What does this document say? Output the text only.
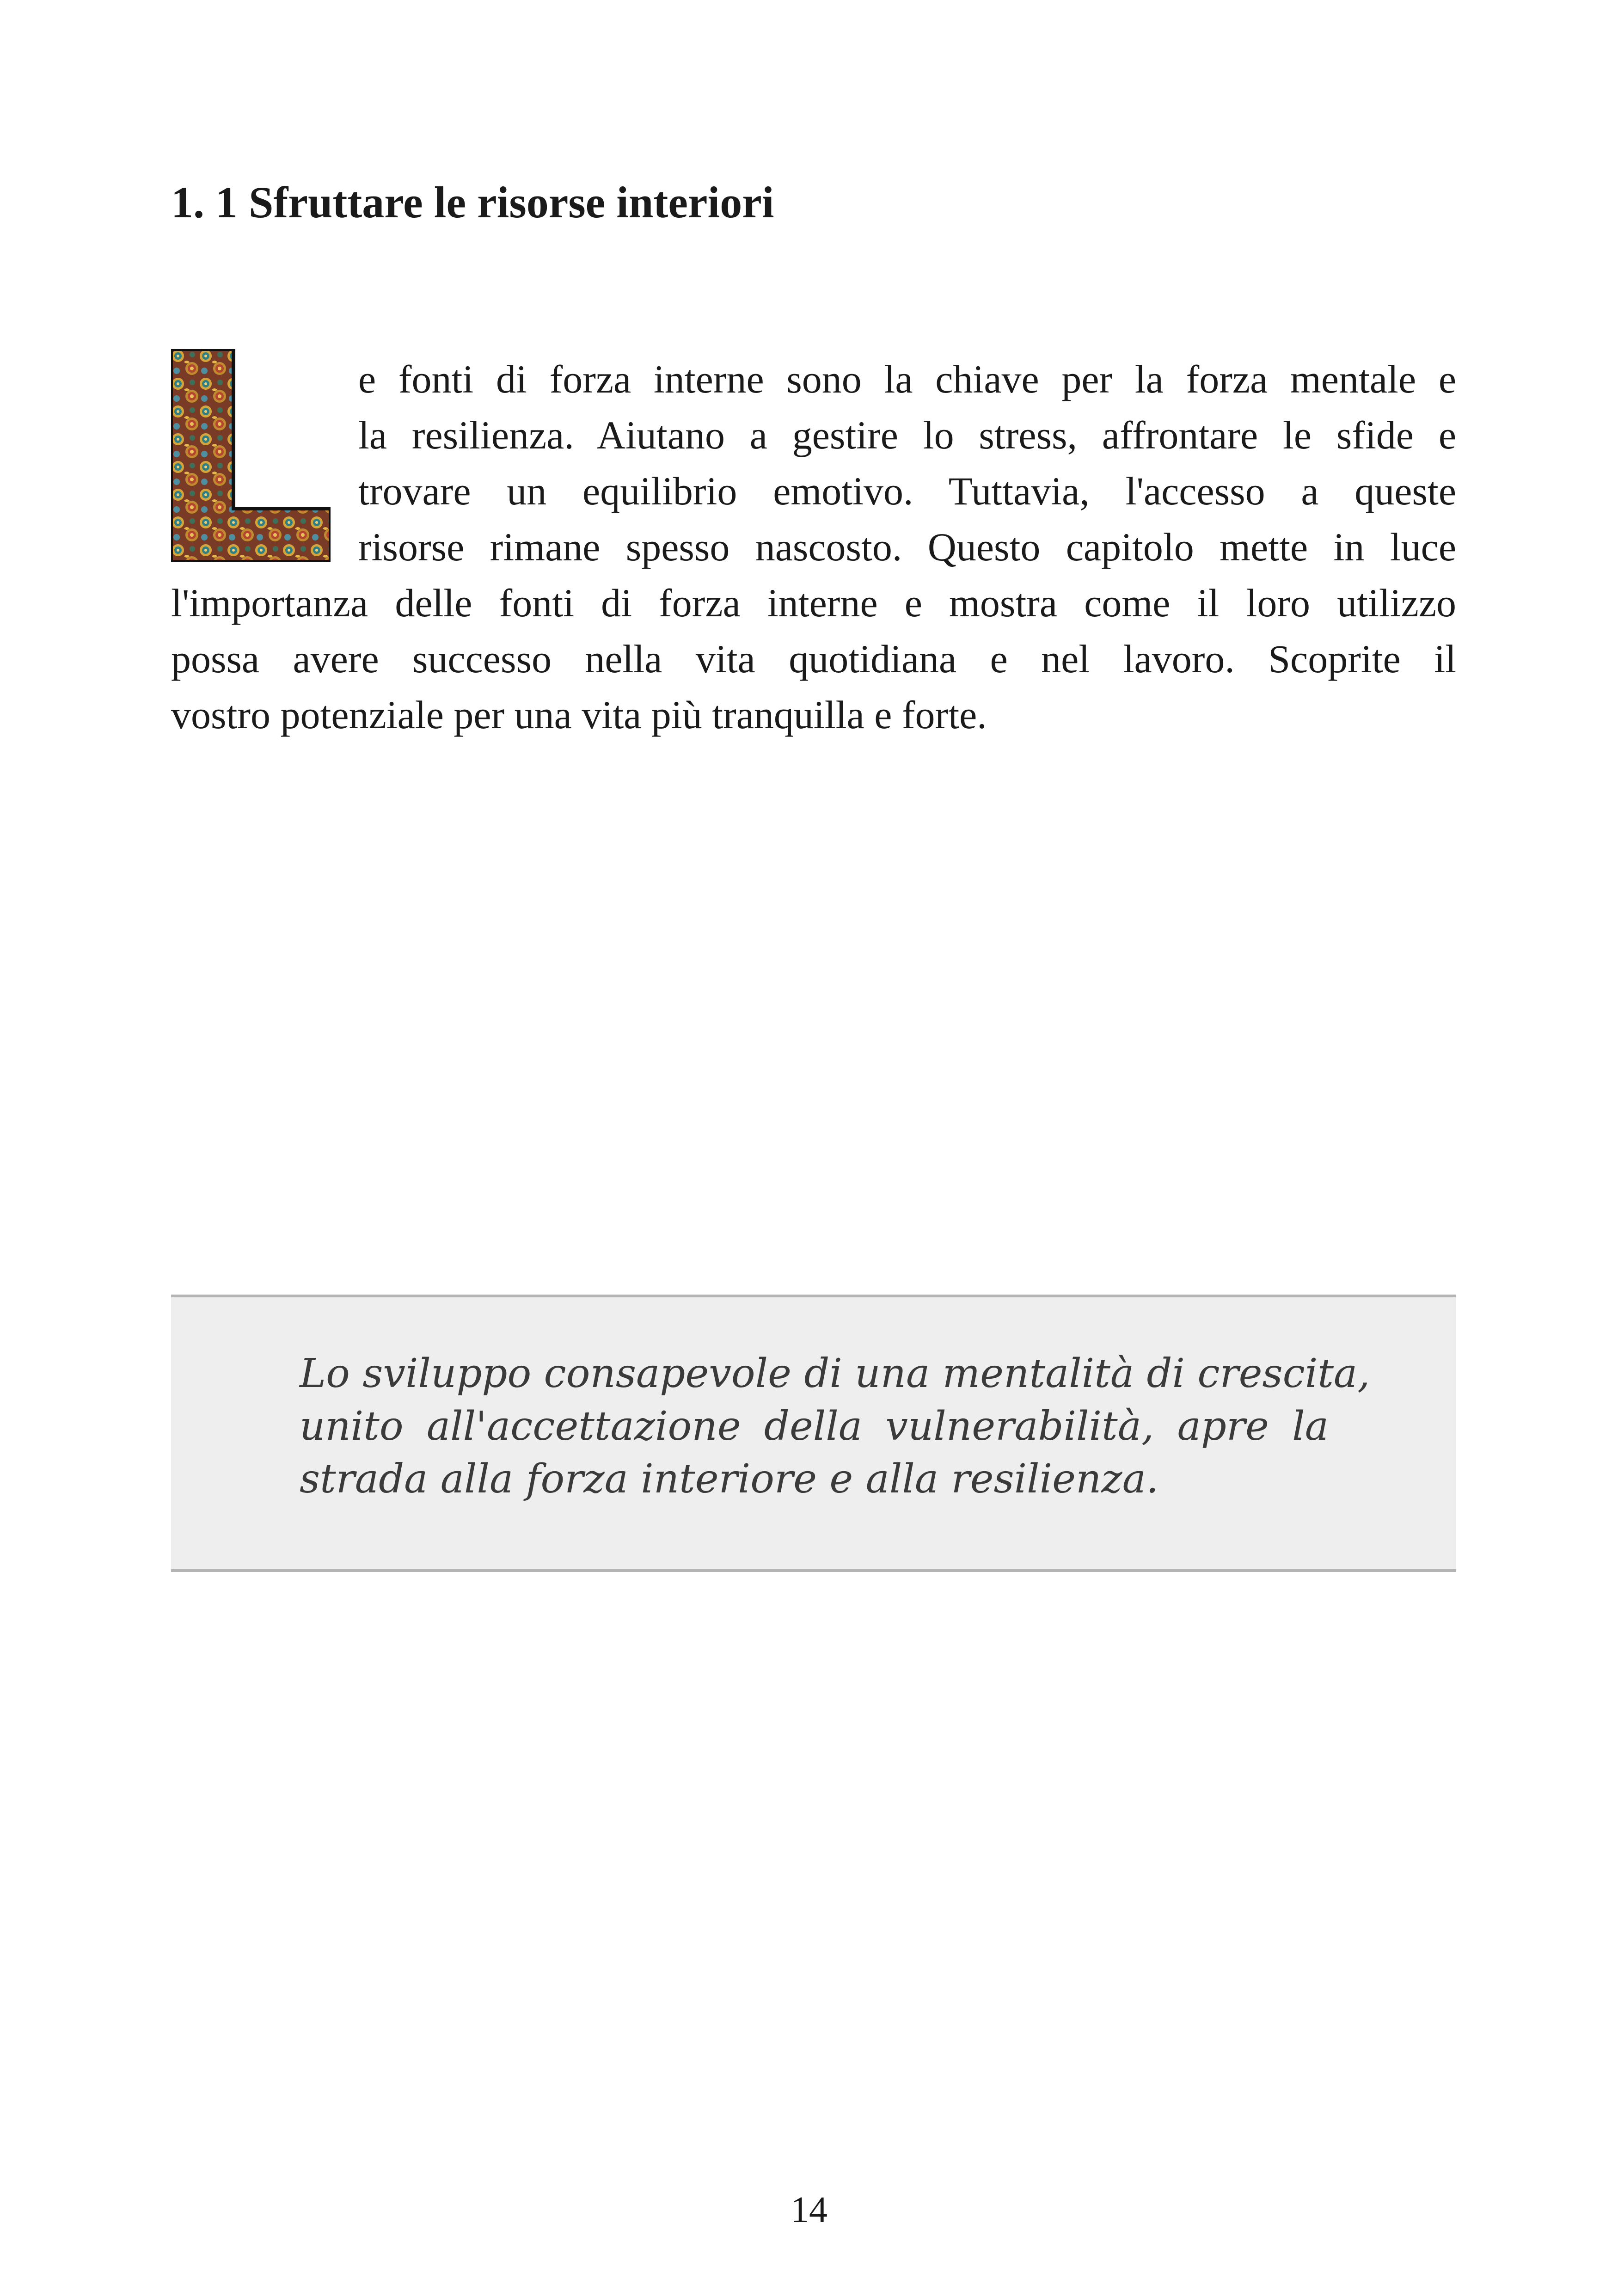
1. 1 Sfruttare le risorse interiori
e fonti di forza interne sono la chiave per la forza mentale e
la resilienza. Aiutano a gestire lo stress, affrontare le sfide e
trovare un equilibrio emotivo. Tuttavia, l'accesso a queste
risorse rimane spesso nascosto. Questo capitolo mette in luce
l'importanza delle fonti di forza interne e mostra come il loro utilizzo
possa avere successo nella vita quotidiana e nel lavoro. Scoprite il
vostro potenziale per una vita più tranquilla e forte.
Lo sviluppo consapevole di una mentalità di crescita,
unito all'accettazione della vulnerabilità, apre la
strada alla forza interiore e alla resilienza.
14
